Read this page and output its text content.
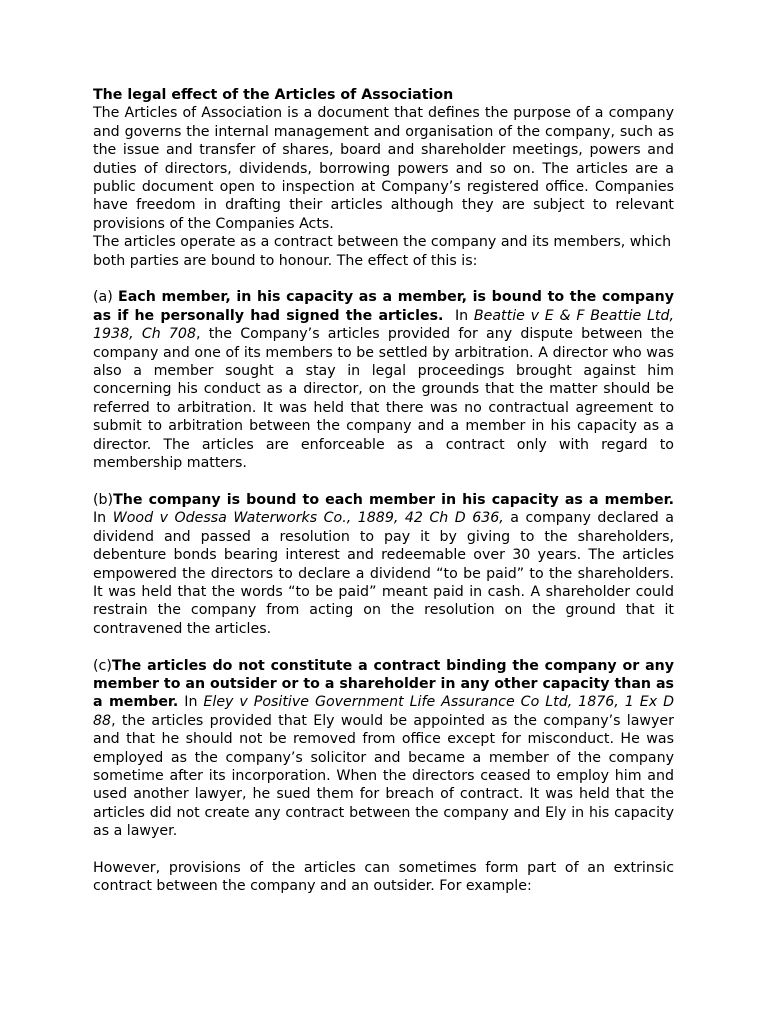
The legal effect of the Articles of Association

The Articles of Association is a document that defines the purpose of a company and governs the internal management and organisation of the company, such as the issue and transfer of shares, board and shareholder meetings, powers and duties of directors, dividends, borrowing powers and so on. The articles are a public document open to inspection at Company’s registered office. Companies have freedom in drafting their articles although they are subject to relevant provisions of the Companies Acts.

The articles operate as a contract between the company and its members, which both parties are bound to honour. The effect of this is:

(a) Each member, in his capacity as a member, is bound to the company as if he personally had signed the articles.  In Beattie v E & F Beattie Ltd, 1938, Ch 708, the Company’s articles provided for any dispute between the company and one of its members to be settled by arbitration. A director who was also a member sought a stay in legal proceedings brought against him concerning his conduct as a director, on the grounds that the matter should be referred to arbitration. It was held that there was no contractual agreement to submit to arbitration between the company and a member in his capacity as a director. The articles are enforceable as a contract only with regard to membership matters.

(b)The company is bound to each member in his capacity as a member. In Wood v Odessa Waterworks Co., 1889, 42 Ch D 636, a company declared a dividend and passed a resolution to pay it by giving to the shareholders, debenture bonds bearing interest and redeemable over 30 years. The articles empowered the directors to declare a dividend “to be paid” to the shareholders. It was held that the words “to be paid” meant paid in cash. A shareholder could restrain the company from acting on the resolution on the ground that it contravened the articles.

(c)The articles do not constitute a contract binding the company or any member to an outsider or to a shareholder in any other capacity than as a member. In Eley v Positive Government Life Assurance Co Ltd, 1876, 1 Ex D 88, the articles provided that Ely would be appointed as the company’s lawyer and that he should not be removed from office except for misconduct. He was employed as the company’s solicitor and became a member of the company sometime after its incorporation. When the directors ceased to employ him and used another lawyer, he sued them for breach of contract. It was held that the articles did not create any contract between the company and Ely in his capacity as a lawyer.

However, provisions of the articles can sometimes form part of an extrinsic contract between the company and an outsider. For example:
